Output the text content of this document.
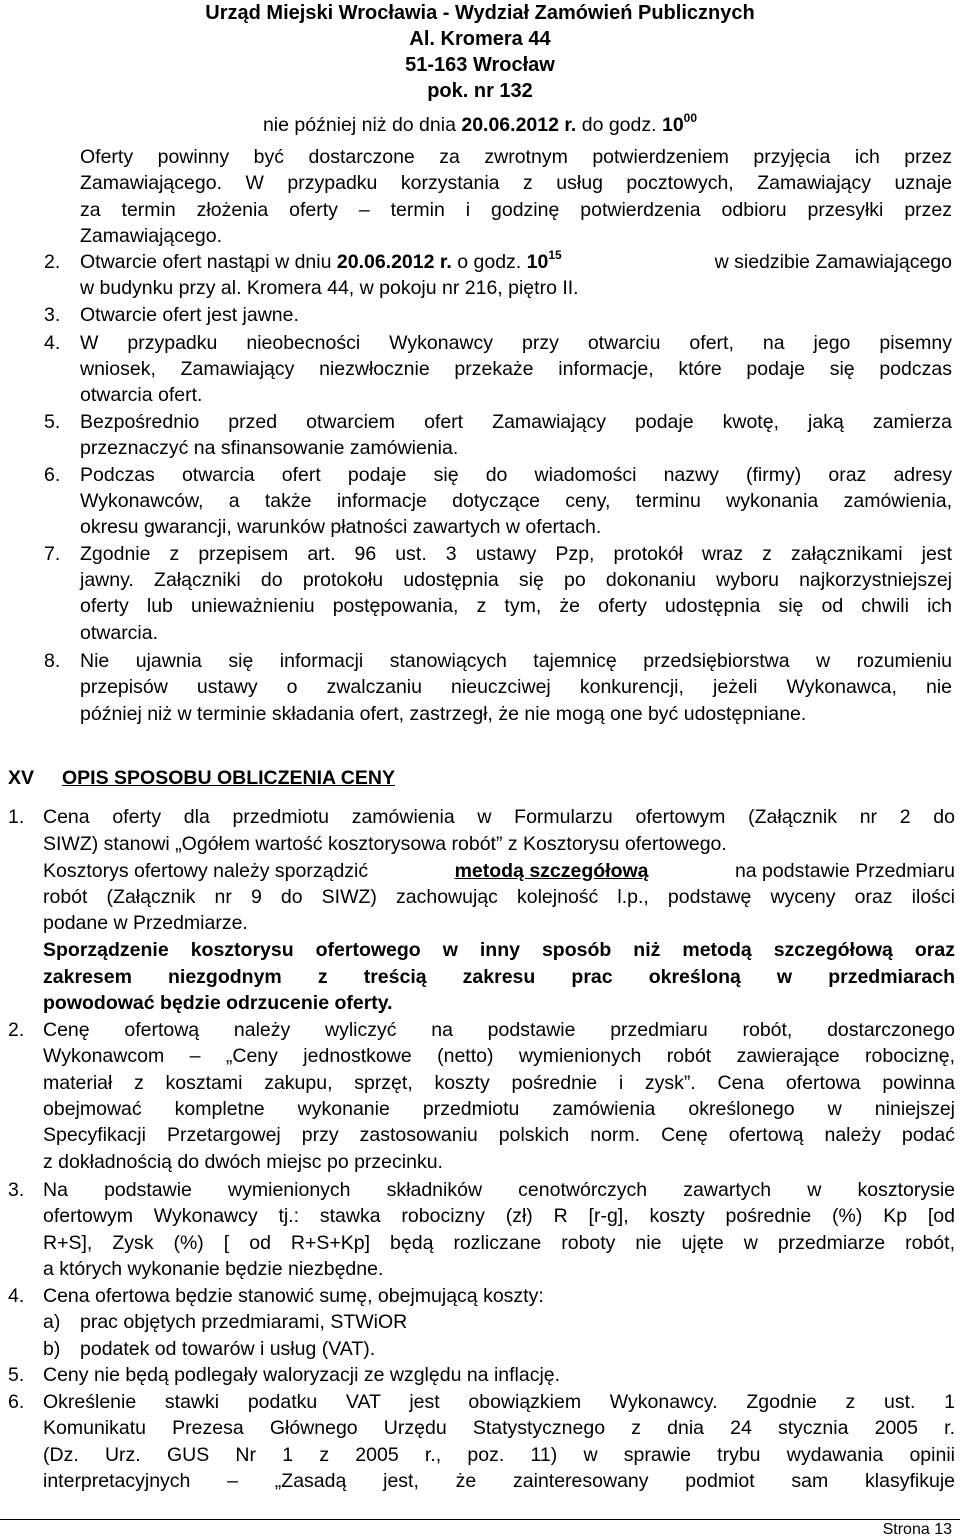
Urząd Miejski Wrocławia - Wydział Zamówień Publicznych
Al. Kromera 44
51-163 Wrocław
pok. nr 132
nie później niż do dnia 20.06.2012 r. do godz. $10^{00}$
Oferty powinny być dostarczone za zwrotnym potwierdzeniem przyjęcia ich przez
Zamawiającego. W przypadku korzystania z usług pocztowych, Zamawiający uznaje
za termin złożenia oferty – termin i godzinę potwierdzenia odbioru przesyłki przez
Zamawiającego.
2. Otwarcie ofert nastąpi w dniu 20.06.2012 r. o godz. $10^{15}$	w siedzibie Zamawiającego
w budynku przy al. Kromera 44, w pokoju nr 216, piętro II.
3. Otwarcie ofert jest jawne.
4. W przypadku nieobecności Wykonawcy przy otwarciu ofert, na jego pisemny
wniosek, Zamawiający niezwłocznie przekaże informacje, które podaje się podczas
otwarcia ofert.
5. Bezpośrednio przed otwarciem ofert Zamawiający podaje kwotę, jaką zamierza
przeznaczyć na sfinansowanie zamówienia.
6. Podczas otwarcia ofert podaje się do wiadomości nazwy (firmy) oraz adresy
Wykonawców, a także informacje dotyczące ceny, terminu wykonania zamówienia,
okresu gwarancji, warunków płatności zawartych w ofertach.
7. Zgodnie z przepisem art. 96 ust. 3 ustawy Pzp, protokół wraz z załącznikami jest
jawny. Załączniki do protokołu udostępnia się po dokonaniu wyboru najkorzystniejszej
oferty lub unieważnieniu postępowania, z tym, że oferty udostępnia się od chwili ich
otwarcia.
8. Nie ujawnia się informacji stanowiących tajemnicę przedsiębiorstwa w rozumieniu
przepisów ustawy o zwalczaniu nieuczciwej konkurencji, jeżeli Wykonawca, nie
później niż w terminie składania ofert, zastrzegł, że nie mogą one być udostępniane.
XV OPIS SPOSOBU OBLICZENIA CENY
1. Cena oferty dla przedmiotu zamówienia w Formularzu ofertowym (Załącznik nr 2 do
SIWZ) stanowi „Ogółem wartość kosztorysowa robót” z Kosztorysu ofertowego.
Kosztorys ofertowy należy sporządzić	metodą szczegółową	na podstawie Przedmiaru
robót (Załącznik nr 9 do SIWZ) zachowując kolejność l.p., podstawę wyceny oraz ilości
podane w Przedmiarze.
Sporządzenie kosztorysu ofertowego w inny sposób niż metodą szczegółową oraz
zakresem niezgodnym z treścią zakresu prac określoną w przedmiarach
powodować będzie odrzucenie oferty.
2. Cenę ofertową należy wyliczyć na podstawie przedmiaru robót, dostarczonego
Wykonawcom – „Ceny jednostkowe (netto) wymienionych robót zawierające robociznę,
materiał z kosztami zakupu, sprzęt, koszty pośrednie i zysk”. Cena ofertowa powinna
obejmować kompletne wykonanie przedmiotu zamówienia określonego w niniejszej
Specyfikacji Przetargowej przy zastosowaniu polskich norm. Cenę ofertową należy podać
z dokładnością do dwóch miejsc po przecinku.
3. Na podstawie wymienionych składników cenotwórczych zawartych w kosztorysie
ofertowym Wykonawcy tj.: stawka robocizny (zł) R [r-g], koszty pośrednie (%) Kp [od
R+S], Zysk (%) [ od R+S+Kp] będą rozliczane roboty nie ujęte w przedmiarze robót,
a których wykonanie będzie niezbędne.
4. Cena ofertowa będzie stanowić sumę, obejmującą koszty:
a) prac objętych przedmiarami, STWiOR
b) podatek od towarów i usług (VAT).
5. Ceny nie będą podlegały waloryzacji ze względu na inflację.
6. Określenie stawki podatku VAT jest obowiązkiem Wykonawcy. Zgodnie z ust. 1
Komunikatu Prezesa Głównego Urzędu Statystycznego z dnia 24 stycznia 2005 r.
(Dz. Urz. GUS Nr 1 z 2005 r., poz. 11) w sprawie trybu wydawania opinii
interpretacyjnych – „Zasadą jest, że zainteresowany podmiot sam klasyfikuje
Strona 13
